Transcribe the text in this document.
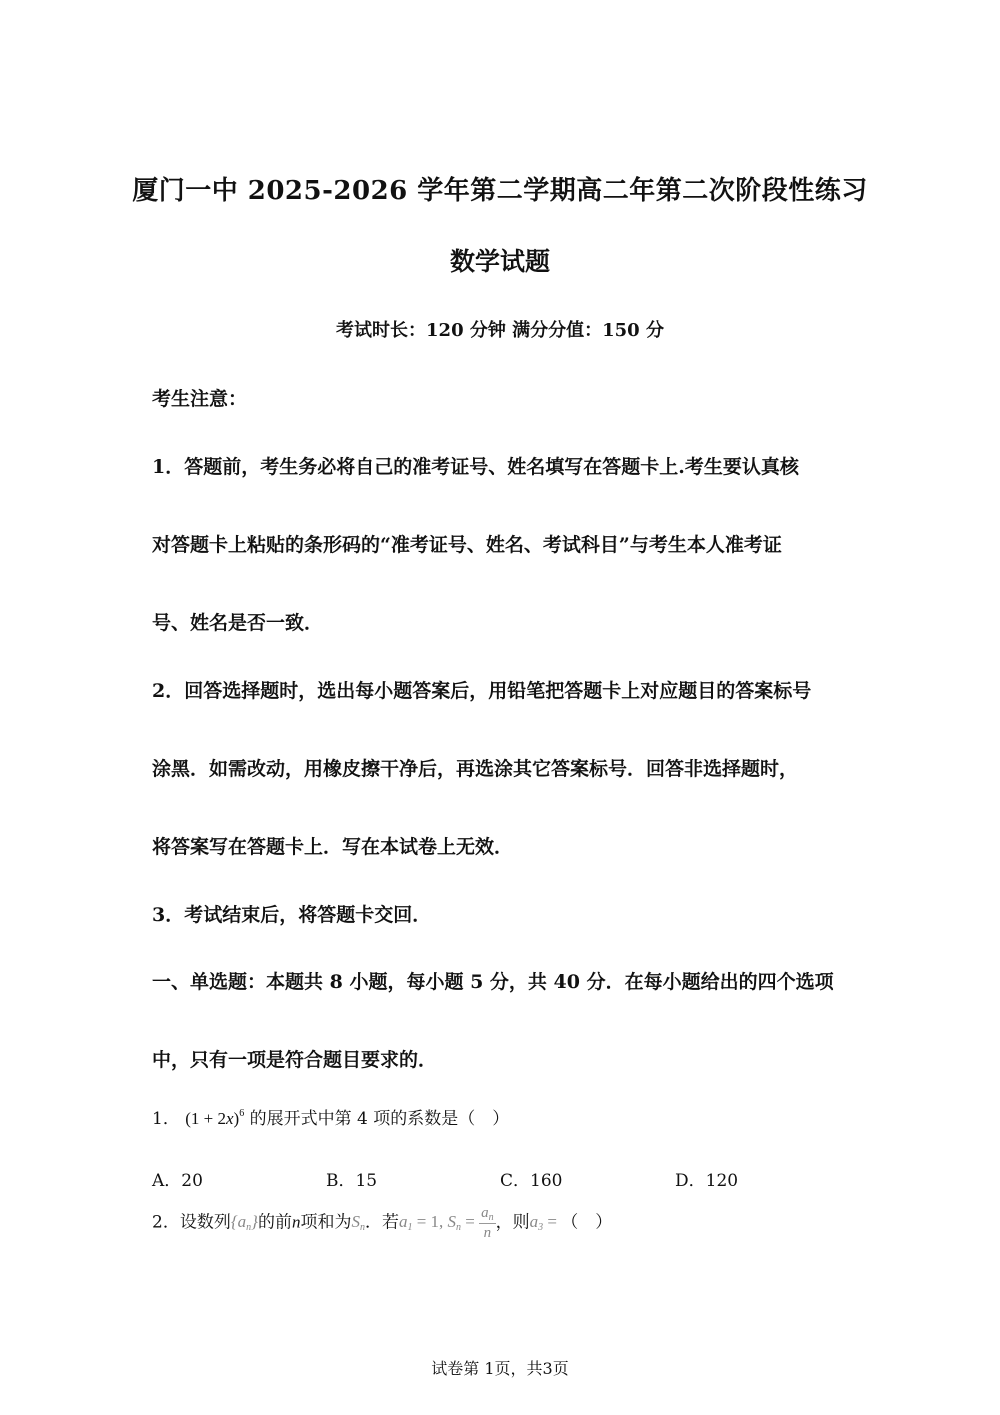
厦门一中 2025-2026 学年第二学期高二年第二次阶段性练习
数学试题
考试时长：120 分钟 满分分值：150 分
考生注意：
1．答题前，考生务必将自己的准考证号、姓名填写在答题卡上.考生要认真核
对答题卡上粘贴的条形码的“准考证号、姓名、考试科目”与考生本人准考证
号、姓名是否一致．
2．回答选择题时，选出每小题答案后，用铅笔把答题卡上对应题目的答案标号
涂黑．如需改动，用橡皮擦干净后，再选涂其它答案标号．回答非选择题时，
将答案写在答题卡上．写在本试卷上无效．
3．考试结束后，将答题卡交回．
一、单选题：本题共 8 小题，每小题 5 分，共 40 分．在每小题给出的四个选项
中，只有一项是符合题目要求的．
1． $(1 + 2x)^6$ 的展开式中第 4 项的系数是（　）
A．20	B．15	C．160	D．120
2．设数列$\{a_n\}$的前n项和为$S_n$．若$a_1 = 1$, $S_n = \frac{a_n}{n}$ ，则$a_3$ = （　）
试卷第 1页，共3页
